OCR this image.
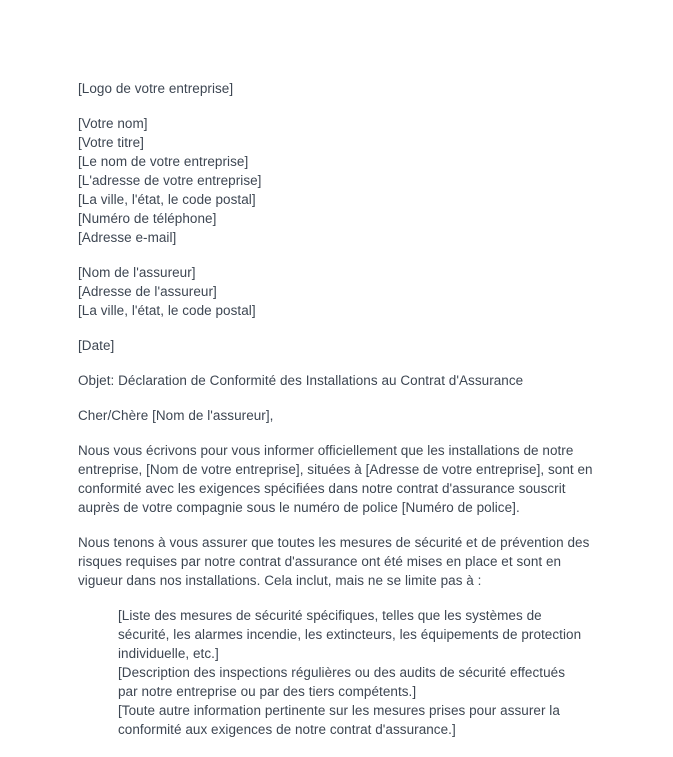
[Logo de votre entreprise]
[Votre nom]
[Votre titre]
[Le nom de votre entreprise]
[L'adresse de votre entreprise]
[La ville, l'état, le code postal]
[Numéro de téléphone]
[Adresse e-mail]
[Nom de l'assureur]
[Adresse de l'assureur]
[La ville, l'état, le code postal]
[Date]
Objet: Déclaration de Conformité des Installations au Contrat d'Assurance
Cher/Chère [Nom de l'assureur],
Nous vous écrivons pour vous informer officiellement que les installations de notre
entreprise, [Nom de votre entreprise], situées à [Adresse de votre entreprise], sont en
conformité avec les exigences spécifiées dans notre contrat d'assurance souscrit
auprès de votre compagnie sous le numéro de police [Numéro de police].
Nous tenons à vous assurer que toutes les mesures de sécurité et de prévention des
risques requises par notre contrat d'assurance ont été mises en place et sont en
vigueur dans nos installations. Cela inclut, mais ne se limite pas à :
[Liste des mesures de sécurité spécifiques, telles que les systèmes de
sécurité, les alarmes incendie, les extincteurs, les équipements de protection
individuelle, etc.]
[Description des inspections régulières ou des audits de sécurité effectués
par notre entreprise ou par des tiers compétents.]
[Toute autre information pertinente sur les mesures prises pour assurer la
conformité aux exigences de notre contrat d'assurance.]
